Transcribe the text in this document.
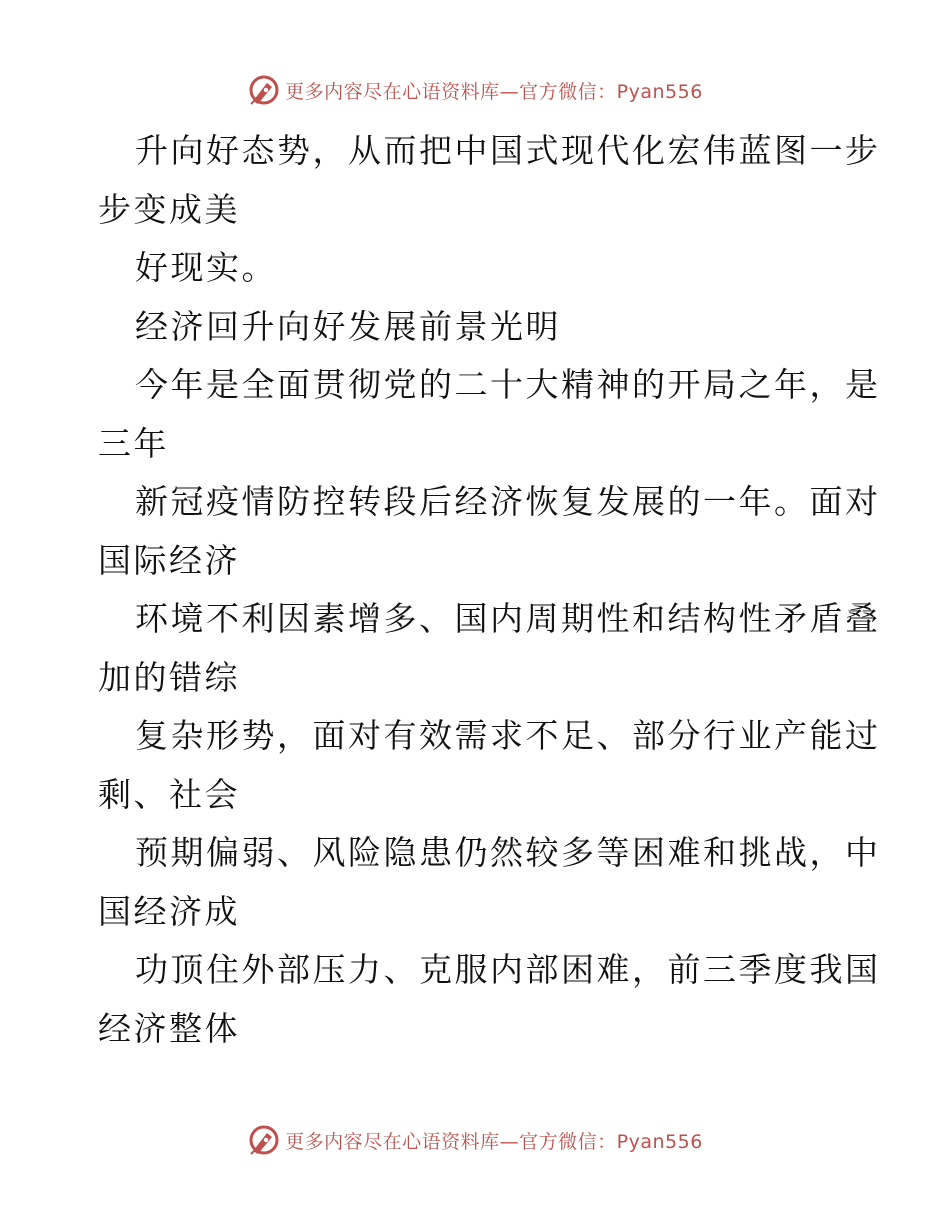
更多内容尽在心语资料库—官方微信：Pyan556
升向好态势，从而把中国式现代化宏伟蓝图一步
步变成美
好现实。
经济回升向好发展前景光明
今年是全面贯彻党的二十大精神的开局之年，是
三年
新冠疫情防控转段后经济恢复发展的一年。面对
国际经济
环境不利因素增多、国内周期性和结构性矛盾叠
加的错综
复杂形势，面对有效需求不足、部分行业产能过
剩、社会
预期偏弱、风险隐患仍然较多等困难和挑战，中
国经济成
功顶住外部压力、克服内部困难，前三季度我国
经济整体
更多内容尽在心语资料库—官方微信：Pyan556
